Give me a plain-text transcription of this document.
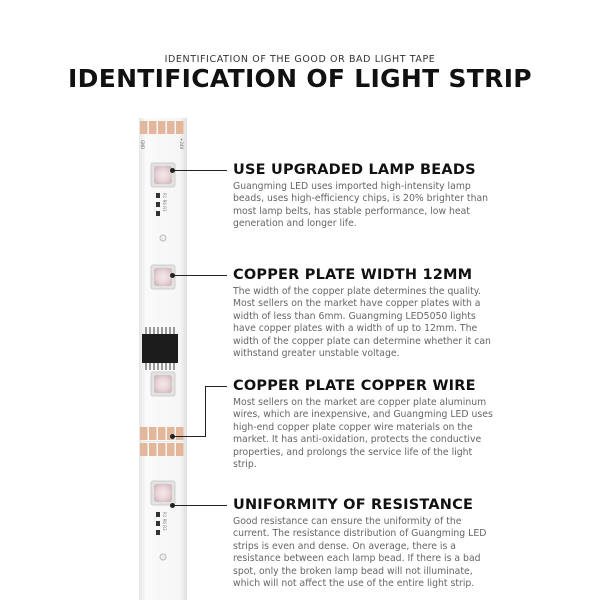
IDENTIFICATION OF THE GOOD OR BAD LIGHT TAPE
IDENTIFICATION OF LIGHT STRIP
GND	+24V
R1 R6 R3
R1 R6 R3
USE UPGRADED LAMP BEADS
Guangming LED uses imported high-intensity lamp beads, uses high-efficiency chips, is 20% brighter than most lamp belts, has stable performance, low heat generation and longer life.
COPPER PLATE WIDTH 12MM
The width of the copper plate determines the quality. Most sellers on the market have copper plates with a width of less than 6mm. Guangming LED5050 lights have copper plates with a width of up to 12mm. The width of the copper plate can determine whether it can withstand greater unstable voltage.
COPPER PLATE COPPER WIRE
Most sellers on the market are copper plate aluminum wires, which are inexpensive, and Guangming LED uses high-end copper plate copper wire materials on the market. It has anti-oxidation, protects the conductive properties, and prolongs the service life of the light strip.
UNIFORMITY OF RESISTANCE
Good resistance can ensure the uniformity of the current. The resistance distribution of Guangming LED strips is even and dense. On average, there is a resistance between each lamp bead. If there is a bad spot, only the broken lamp bead will not illuminate, which will not affect the use of the entire light strip.
